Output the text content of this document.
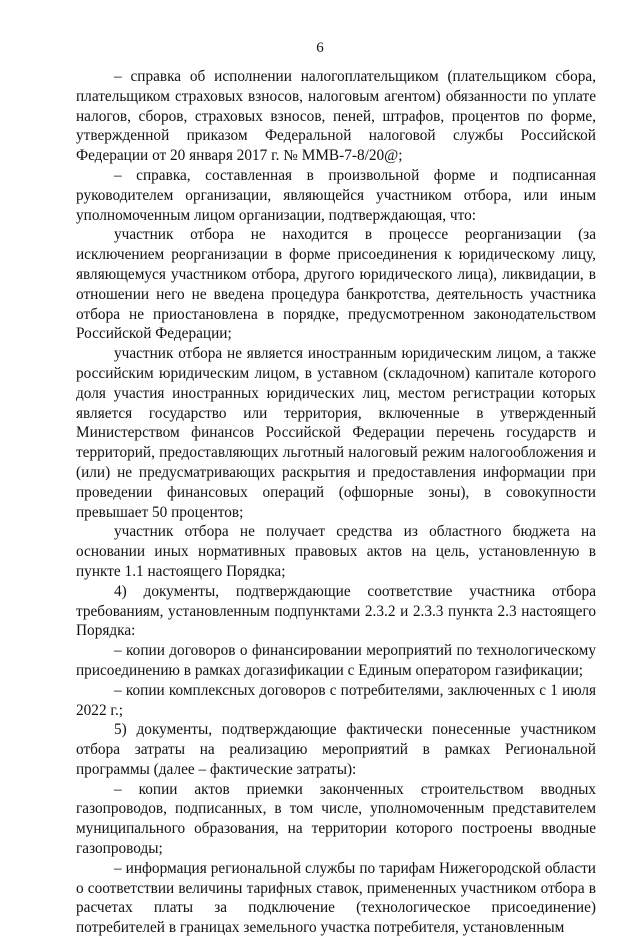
6

– справка об исполнении налогоплательщиком (плательщиком сбора, плательщиком страховых взносов, налоговым агентом) обязанности по уплате налогов, сборов, страховых взносов, пеней, штрафов, процентов по форме, утвержденной приказом Федеральной налоговой службы Российской Федерации от 20 января 2017 г. № ММВ-7-8/20@;

– справка, составленная в произвольной форме и подписанная руководителем организации, являющейся участником отбора, или иным уполномоченным лицом организации, подтверждающая, что:

участник отбора не находится в процессе реорганизации (за исключением реорганизации в форме присоединения к юридическому лицу, являющемуся участником отбора, другого юридического лица), ликвидации, в отношении него не введена процедура банкротства, деятельность участника отбора не приостановлена в порядке, предусмотренном законодательством Российской Федерации;

участник отбора не является иностранным юридическим лицом, а также российским юридическим лицом, в уставном (складочном) капитале которого доля участия иностранных юридических лиц, местом регистрации которых является государство или территория, включенные в утвержденный Министерством финансов Российской Федерации перечень государств и территорий, предоставляющих льготный налоговый режим налогообложения и (или) не предусматривающих раскрытия и предоставления информации при проведении финансовых операций (офшорные зоны), в совокупности превышает 50 процентов;

участник отбора не получает средства из областного бюджета на основании иных нормативных правовых актов на цель, установленную в пункте 1.1 настоящего Порядка;

4) документы, подтверждающие соответствие участника отбора требованиям, установленным подпунктами 2.3.2 и 2.3.3 пункта 2.3 настоящего Порядка:

– копии договоров о финансировании мероприятий по технологическому присоединению в рамках догазификации с Единым оператором газификации;

– копии комплексных договоров с потребителями, заключенных с 1 июля 2022 г.;

5) документы, подтверждающие фактически понесенные участником отбора затраты на реализацию мероприятий в рамках Региональной программы (далее – фактические затраты):

– копии актов приемки законченных строительством вводных газопроводов, подписанных, в том числе, уполномоченным представителем муниципального образования, на территории которого построены вводные газопроводы;

– информация региональной службы по тарифам Нижегородской области о соответствии величины тарифных ставок, примененных участником отбора в расчетах платы за подключение (технологическое присоединение) потребителей в границах земельного участка потребителя, установленным
